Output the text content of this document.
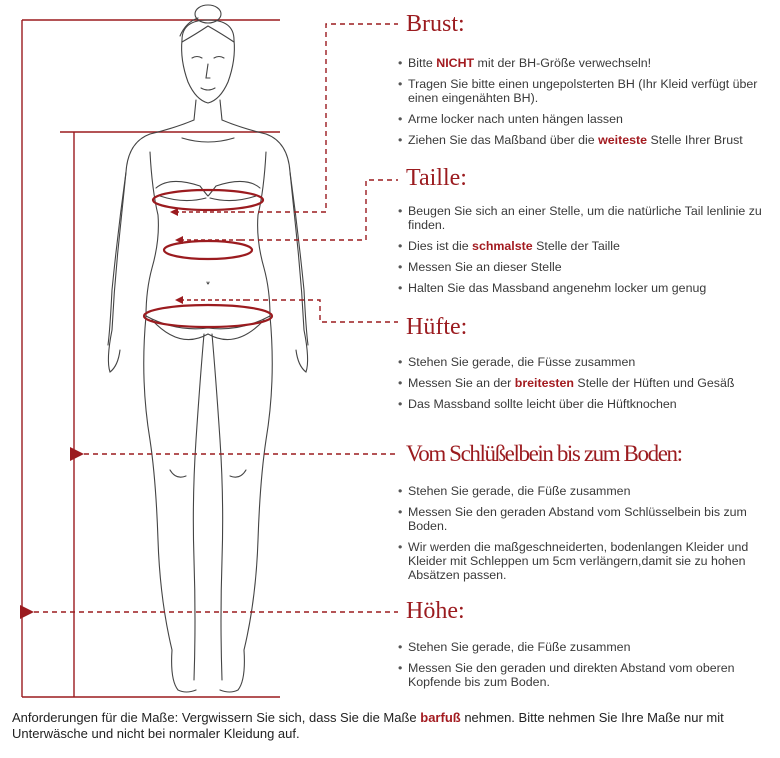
Brust:
• Bitte NICHT mit der BH-Größe verwechseln!
• Tragen Sie bitte einen ungepolsterten BH (Ihr Kleid verfügt über einen eingenähten BH).
• Arme locker nach unten hängen lassen
• Ziehen Sie das Maßband über die weiteste Stelle Ihrer Brust
Taille:
• Beugen Sie sich an einer Stelle, um die natürliche Tail lenlinie zu finden.
• Dies ist die schmalste Stelle der Taille
• Messen Sie an dieser Stelle
• Halten Sie das Massband angenehm locker um genug
Hüfte:
• Stehen Sie gerade, die Füsse zusammen
• Messen Sie an der breitesten Stelle der Hüften und Gesäß
• Das Massband sollte leicht über die Hüftknochen
Vom Schlüßelbein bis zum Boden:
• Stehen Sie gerade, die Füße zusammen
• Messen Sie den geraden Abstand vom Schlüsselbein bis zum Boden.
• Wir werden die maßgeschneiderten, bodenlangen Kleider und Kleider mit Schleppen um 5cm verlängern,damit sie zu hohen Absätzen passen.
Höhe:
• Stehen Sie gerade, die Füße zusammen
• Messen Sie den geraden und direkten Abstand vom oberen Kopfende bis zum Boden.
Anforderungen für die Maße: Vergwissern Sie sich, dass Sie die Maße barfuß nehmen. Bitte nehmen Sie Ihre Maße nur mit Unterwäsche und nicht bei normaler Kleidung auf.
